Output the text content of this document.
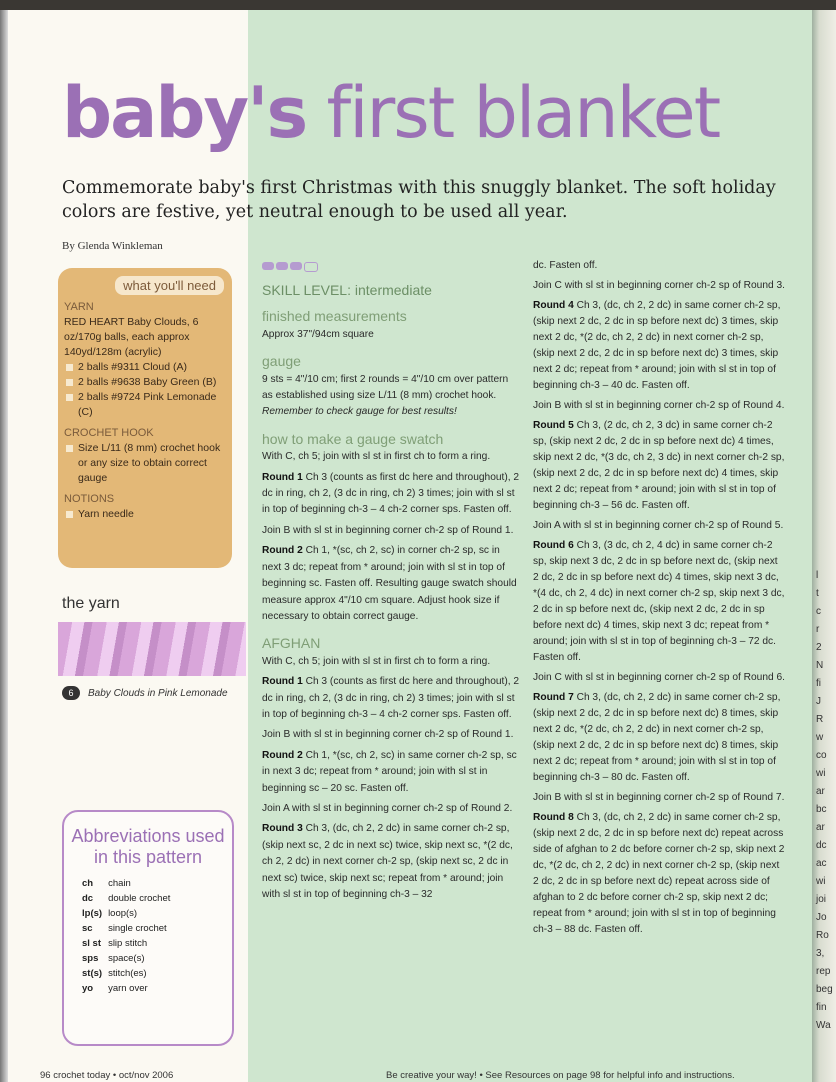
baby's first blanket
Commemorate baby's first Christmas with this snuggly blanket. The soft holiday colors are festive, yet neutral enough to be used all year.
By Glenda Winkleman
what you'll need
YARN
RED HEART Baby Clouds, 6 oz/170g balls, each approx 140yd/128m (acrylic)
2 balls #9311 Cloud (A)
2 balls #9638 Baby Green (B)
2 balls #9724 Pink Lemonade (C)
CROCHET HOOK
Size L/11 (8 mm) crochet hook or any size to obtain correct gauge
NOTIONS
Yarn needle
the yarn
6 Baby Clouds in Pink Lemonade
Abbreviations used in this pattern
ch	chain
dc	double crochet
lp(s)	loop(s)
sc	single crochet
sl st	slip stitch
sps	space(s)
st(s)	stitch(es)
yo	yarn over
SKILL LEVEL: intermediate
finished measurements

Approx 37"/94cm square

gauge

9 sts = 4"/10 cm; first 2 rounds = 4"/10 cm over pattern as established using size L/11 (8 mm) crochet hook. Remember to check gauge for best results!

how to make a gauge swatch

With C, ch 5; join with sl st in first ch to form a ring.

Round 1 Ch 3 (counts as first dc here and throughout), 2 dc in ring, ch 2, (3 dc in ring, ch 2) 3 times; join with sl st in top of beginning ch-3 – 4 ch-2 corner sps. Fasten off.

Join B with sl st in beginning corner ch-2 sp of Round 1.

Round 2 Ch 1, *(sc, ch 2, sc) in corner ch-2 sp, sc in next 3 dc; repeat from * around; join with sl st in top of beginning sc. Fasten off. Resulting gauge swatch should measure approx 4"/10 cm square. Adjust hook size if necessary to obtain correct gauge.

AFGHAN

With C, ch 5; join with sl st in first ch to form a ring.

Round 1 Ch 3 (counts as first dc here and throughout), 2 dc in ring, ch 2, (3 dc in ring, ch 2) 3 times; join with sl st in top of beginning ch-3 – 4 ch-2 corner sps. Fasten off.

Join B with sl st in beginning corner ch-2 sp of Round 1.

Round 2 Ch 1, *(sc, ch 2, sc) in same corner ch-2 sp, sc in next 3 dc; repeat from * around; join with sl st in beginning sc – 20 sc. Fasten off.

Join A with sl st in beginning corner ch-2 sp of Round 2.

Round 3 Ch 3, (dc, ch 2, 2 dc) in same corner ch-2 sp, (skip next sc, 2 dc in next sc) twice, skip next sc, *(2 dc, ch 2, 2 dc) in next corner ch-2 sp, (skip next sc, 2 dc in next sc) twice, skip next sc; repeat from * around; join with sl st in top of beginning ch-3 – 32

dc. Fasten off.

Join C with sl st in beginning corner ch-2 sp of Round 3.

Round 4 Ch 3, (dc, ch 2, 2 dc) in same corner ch-2 sp, (skip next 2 dc, 2 dc in sp before next dc) 3 times, skip next 2 dc, *(2 dc, ch 2, 2 dc) in next corner ch-2 sp, (skip next 2 dc, 2 dc in sp before next dc) 3 times, skip next 2 dc; repeat from * around; join with sl st in top of beginning ch-3 – 40 dc. Fasten off.

Join B with sl st in beginning corner ch-2 sp of Round 4.

Round 5 Ch 3, (2 dc, ch 2, 3 dc) in same corner ch-2 sp, (skip next 2 dc, 2 dc in sp before next dc) 4 times, skip next 2 dc, *(3 dc, ch 2, 3 dc) in next corner ch-2 sp, (skip next 2 dc, 2 dc in sp before next dc) 4 times, skip next 2 dc; repeat from * around; join with sl st in top of beginning ch-3 – 56 dc. Fasten off.

Join A with sl st in beginning corner ch-2 sp of Round 5.

Round 6 Ch 3, (3 dc, ch 2, 4 dc) in same corner ch-2 sp, skip next 3 dc, 2 dc in sp before next dc, (skip next 2 dc, 2 dc in sp before next dc) 4 times, skip next 3 dc, *(4 dc, ch 2, 4 dc) in next corner ch-2 sp, skip next 3 dc, 2 dc in sp before next dc, (skip next 2 dc, 2 dc in sp before next dc) 4 times, skip next 3 dc; repeat from * around; join with sl st in top of beginning ch-3 – 72 dc. Fasten off.

Join C with sl st in beginning corner ch-2 sp of Round 6.

Round 7 Ch 3, (dc, ch 2, 2 dc) in same corner ch-2 sp, (skip next 2 dc, 2 dc in sp before next dc) 8 times, skip next 2 dc, *(2 dc, ch 2, 2 dc) in next corner ch-2 sp, (skip next 2 dc, 2 dc in sp before next dc) 8 times, skip next 2 dc; repeat from * around; join with sl st in top of beginning ch-3 – 80 dc. Fasten off.

Join B with sl st in beginning corner ch-2 sp of Round 7.

Round 8 Ch 3, (dc, ch 2, 2 dc) in same corner ch-2 sp, (skip next 2 dc, 2 dc in sp before next dc) repeat across side of afghan to 2 dc before corner ch-2 sp, skip next 2 dc, *(2 dc, ch 2, 2 dc) in next corner ch-2 sp, (skip next 2 dc, 2 dc in sp before next dc) repeat across side of afghan to 2 dc before corner ch-2 sp, skip next 2 dc; repeat from * around; join with sl st in top of beginning ch-3 – 88 dc. Fasten off.

96 crochet today • oct/nov 2006	Be creative your way! • See Resources on page 98 for helpful info and instructions.
l
t
c
r
2
N
fi
J
R
w
co
wi
ar
bc
ar
dc
ac
wi
joi
Jo
Ro
3,
rep
beg
fin
Wa
